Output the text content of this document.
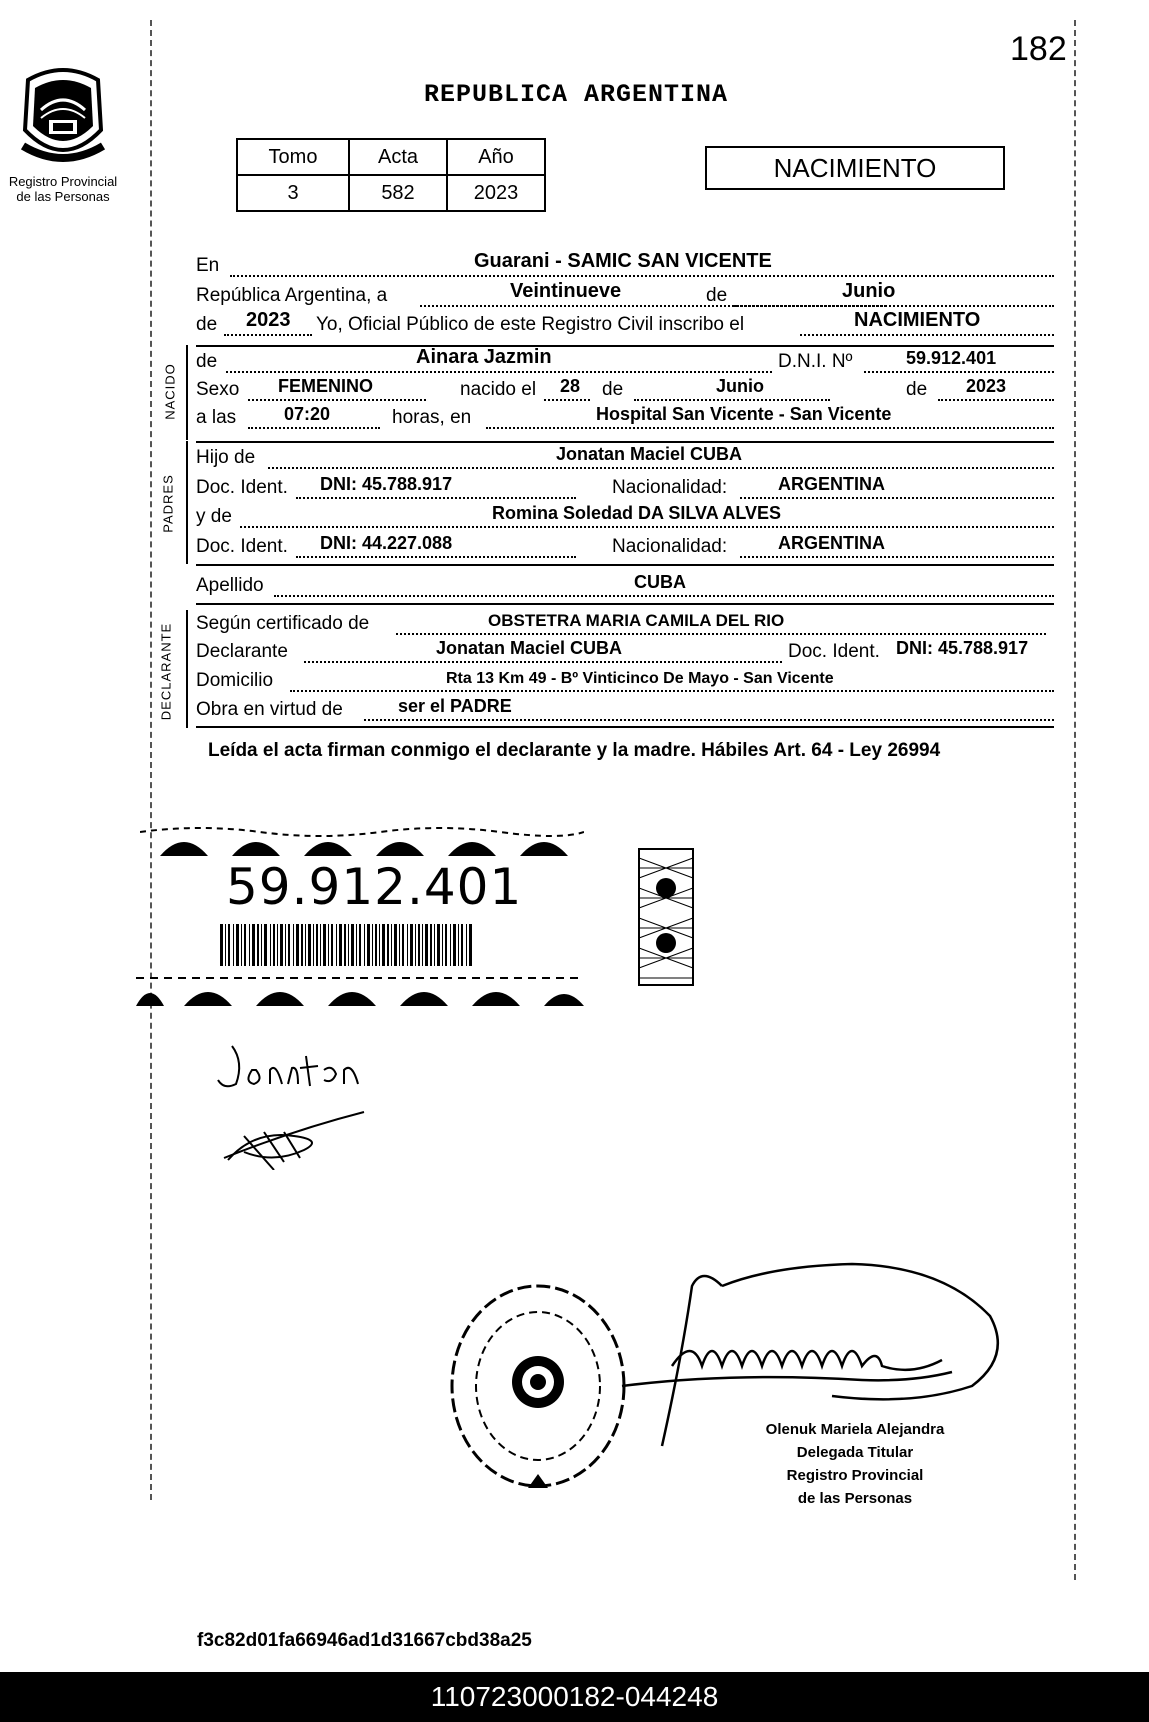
182
Registro Provincial
de las Personas
REPUBLICA ARGENTINA
Tomo	Acta	Año
3	582	2023
NACIMIENTO
En	Guarani - SAMIC SAN VICENTE
República Argentina, a	Veintinueve	de	Junio
de 2023 Yo, Oficial Público de este Registro Civil inscribo el	NACIMIENTO
NACIDO
de	Ainara Jazmin	D.N.I. Nº	59.912.401
Sexo FEMENINO	nacido el 28 de	Junio	de 2023
a las	07:20	horas, en	Hospital San Vicente - San Vicente
PADRES
Hijo de	Jonatan Maciel CUBA
Doc. Ident. DNI: 45.788.917	Nacionalidad:	ARGENTINA
y de	Romina Soledad DA SILVA ALVES
Doc. Ident. DNI: 44.227.088	Nacionalidad:	ARGENTINA
Apellido	CUBA
DECLARANTE Según certificado de	OBSTETRA MARIA CAMILA DEL RIO
Declarante	Jonatan Maciel CUBA	Doc. Ident. DNI: 45.788.917
Domicilio	Rta 13 Km 49 - Bº Vinticinco De Mayo - San Vicente
Obra en virtud de	ser el PADRE
Leída el acta firman conmigo el declarante y la madre. Hábiles Art. 64 - Ley 26994
59.912.401
Olenuk Mariela Alejandra
Delegada Titular
Registro Provincial
de las Personas
f3c82d01fa66946ad1d31667cbd38a25
110723000182-044248
